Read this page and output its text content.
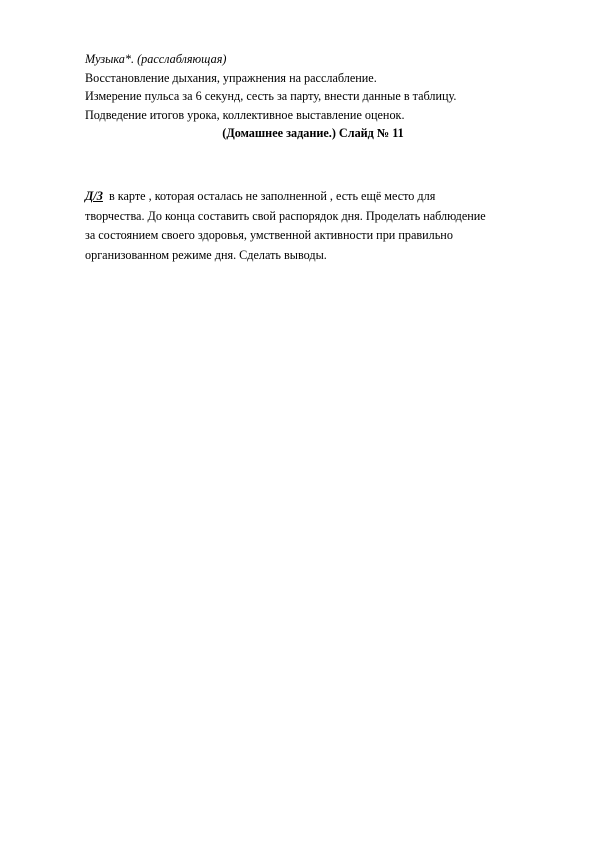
Музыка*. (расслабляющая)
Восстановление дыхания, упражнения на расслабление.
Измерение пульса за 6 секунд, сесть за парту, внести данные в таблицу.
Подведение итогов урока, коллективное выставление оценок.
(Домашнее задание.) Слайд № 11
Д/З в карте , которая осталась не заполненной , есть ещё место для
творчества. До конца составить свой распорядок дня. Проделать наблюдение
за состоянием своего здоровья, умственной активности при правильно
организованном режиме дня. Сделать выводы.
